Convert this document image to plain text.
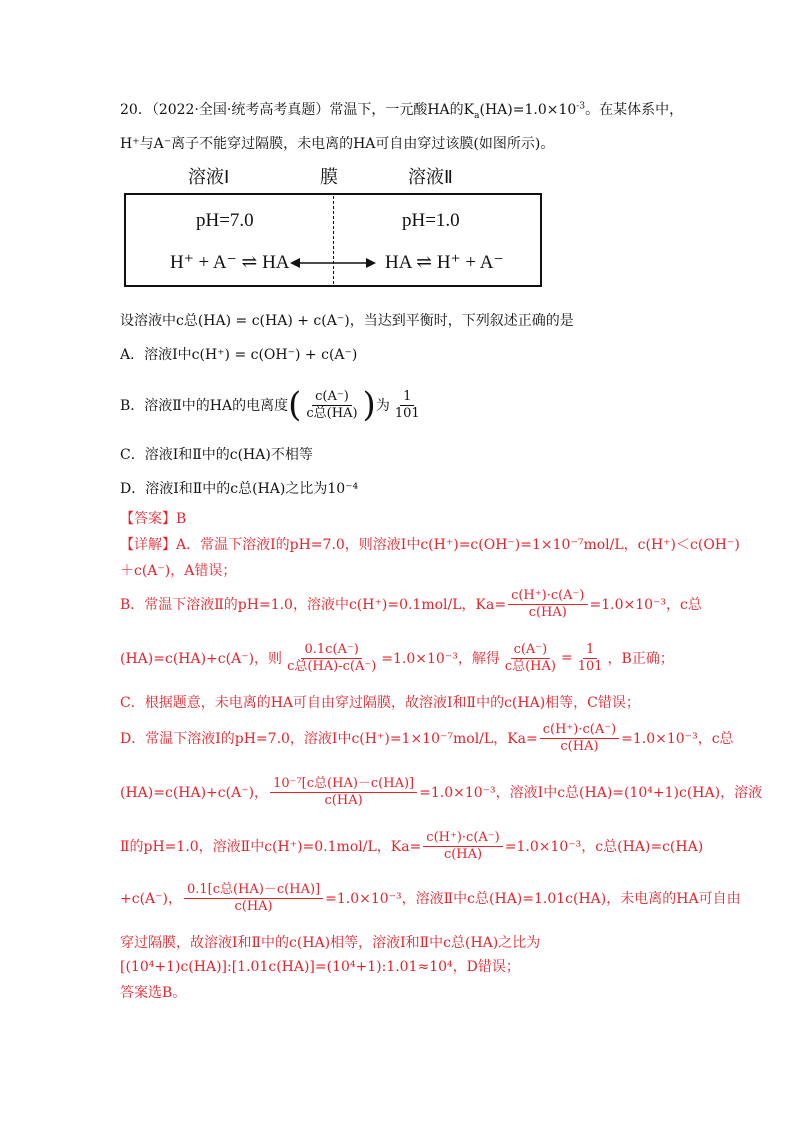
20．（2022·全国·统考高考真题）常温下，一元酸HA的$K_a(HA)=1.0\times 10^{-3}$。在某体系中，
H⁺与A⁻离子不能穿过隔膜，未电离的HA可自由穿过该膜(如图所示)。
溶液Ⅰ	膜	溶液Ⅱ
pH=7.0	pH=1.0
H⁺ + A⁻ ⇌ HA	HA ⇌ H⁺ + A⁻
设溶液中c总(HA) = c(HA) + c(A⁻)，当达到平衡时，下列叙述正确的是
A．溶液Ⅰ中c(H⁺) = c(OH⁻) + c(A⁻)
B．溶液Ⅱ中的HA的电离度 ( $\frac{c(A^-)}{\text{c总(HA)}}$ ) 为 $\frac{1}{101}$
C．溶液Ⅰ和Ⅱ中的c(HA)不相等
D．溶液Ⅰ和Ⅱ中的c总(HA)之比为10⁻⁴
【答案】B
【详解】A．常温下溶液Ⅰ的pH=7.0，则溶液Ⅰ中c(H⁺)=c(OH⁻)=1×10⁻⁷mol/L，c(H⁺)＜c(OH⁻)
＋c(A⁻)，A错误；
B．常温下溶液Ⅱ的pH=1.0，溶液中c(H⁺)=0.1mol/L，$Ka= \frac{c(H^+)\cdot c(A^-)}{c(HA)} =1.0\times 10^{-3}$，c总
(HA)=c(HA)+c(A⁻)，则 $\frac{0.1c(A^-)}{\text{c总(HA)-c(A⁻)}} =1.0\times 10^{-3}$，解得 $\frac{c(A^-)}{\text{c总(HA)}} = \frac{1}{101}$ ，B正确；
C．根据题意，未电离的HA可自由穿过隔膜，故溶液Ⅰ和Ⅱ中的c(HA)相等，C错误；
D．常温下溶液Ⅰ的pH=7.0，溶液Ⅰ中c(H⁺)=1×10⁻⁷mol/L，$Ka= \frac{c(H^+)\cdot c(A^-)}{c(HA)} =1.0\times 10^{-3}$，c总
(HA)=c(HA)+c(A⁻)， $\frac{\text{10⁻⁷[c总(HA)－c(HA)]}}{c(HA)} =1.0\times 10^{-3}$，溶液Ⅰ中c总(HA)=(10⁴+1)c(HA)，溶液
Ⅱ的pH=1.0，溶液Ⅱ中c(H⁺)=0.1mol/L，$Ka= \frac{c(H^+)\cdot c(A^-)}{c(HA)} =1.0\times 10^{-3}$，c总(HA)=c(HA)
+c(A⁻)， $\frac{\text{0.1[c总(HA)－c(HA)]}}{c(HA)} =1.0\times 10^{-3}$，溶液Ⅱ中c总(HA)=1.01c(HA)，未电离的HA可自由
穿过隔膜，故溶液Ⅰ和Ⅱ中的c(HA)相等，溶液Ⅰ和Ⅱ中c总(HA)之比为
[(10⁴+1)c(HA)]:[1.01c(HA)]=(10⁴+1):1.01≈10⁴，D错误；
答案选B。
